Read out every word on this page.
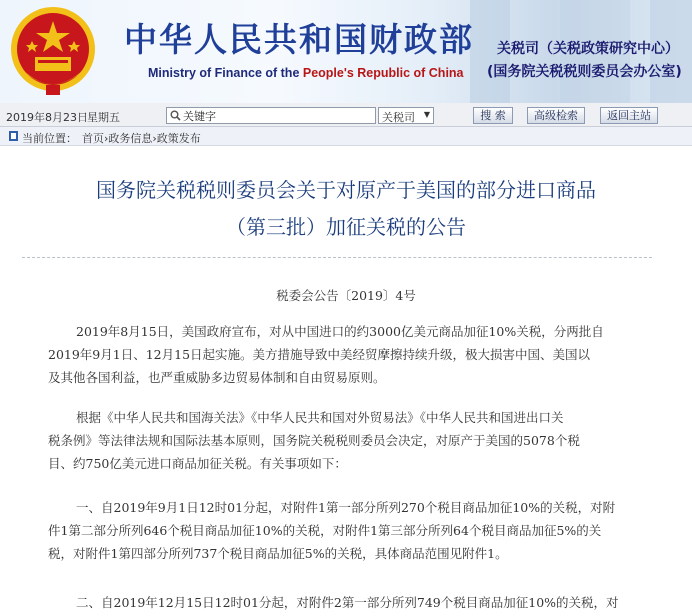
中华人民共和国财政部
Ministry of Finance of the People's Republic of China
关税司（关税政策研究中心）
(国务院关税税则委员会办公室)
2019年8月23日 星期五
关键字	关税司 ▼	搜 索	高级检索	返回主站
当前位置： 首页›政务信息›政策发布
国务院关税税则委员会关于对原产于美国的部分进口商品
（第三批）加征关税的公告
税委会公告〔2019〕4号
2019年8月15日，美国政府宣布，对从中国进口的约3000亿美元商品加征10%关税，分两批自
2019年9月1日、12月15日起实施。美方措施导致中美经贸摩擦持续升级，极大损害中国、美国以
及其他各国利益，也严重威胁多边贸易体制和自由贸易原则。
根据《中华人民共和国海关法》《中华人民共和国对外贸易法》《中华人民共和国进出口关
税条例》等法律法规和国际法基本原则，国务院关税税则委员会决定，对原产于美国的5078个税
目、约750亿美元进口商品加征关税。有关事项如下：
一、自2019年9月1日12时01分起，对附件1第一部分所列270个税目商品加征10%的关税，对附
件1第二部分所列646个税目商品加征10%的关税，对附件1第三部分所列64个税目商品加征5%的关
税，对附件1第四部分所列737个税目商品加征5%的关税，具体商品范围见附件1。
二、自2019年12月15日12时01分起，对附件2第一部分所列749个税目商品加征10%的关税，对
